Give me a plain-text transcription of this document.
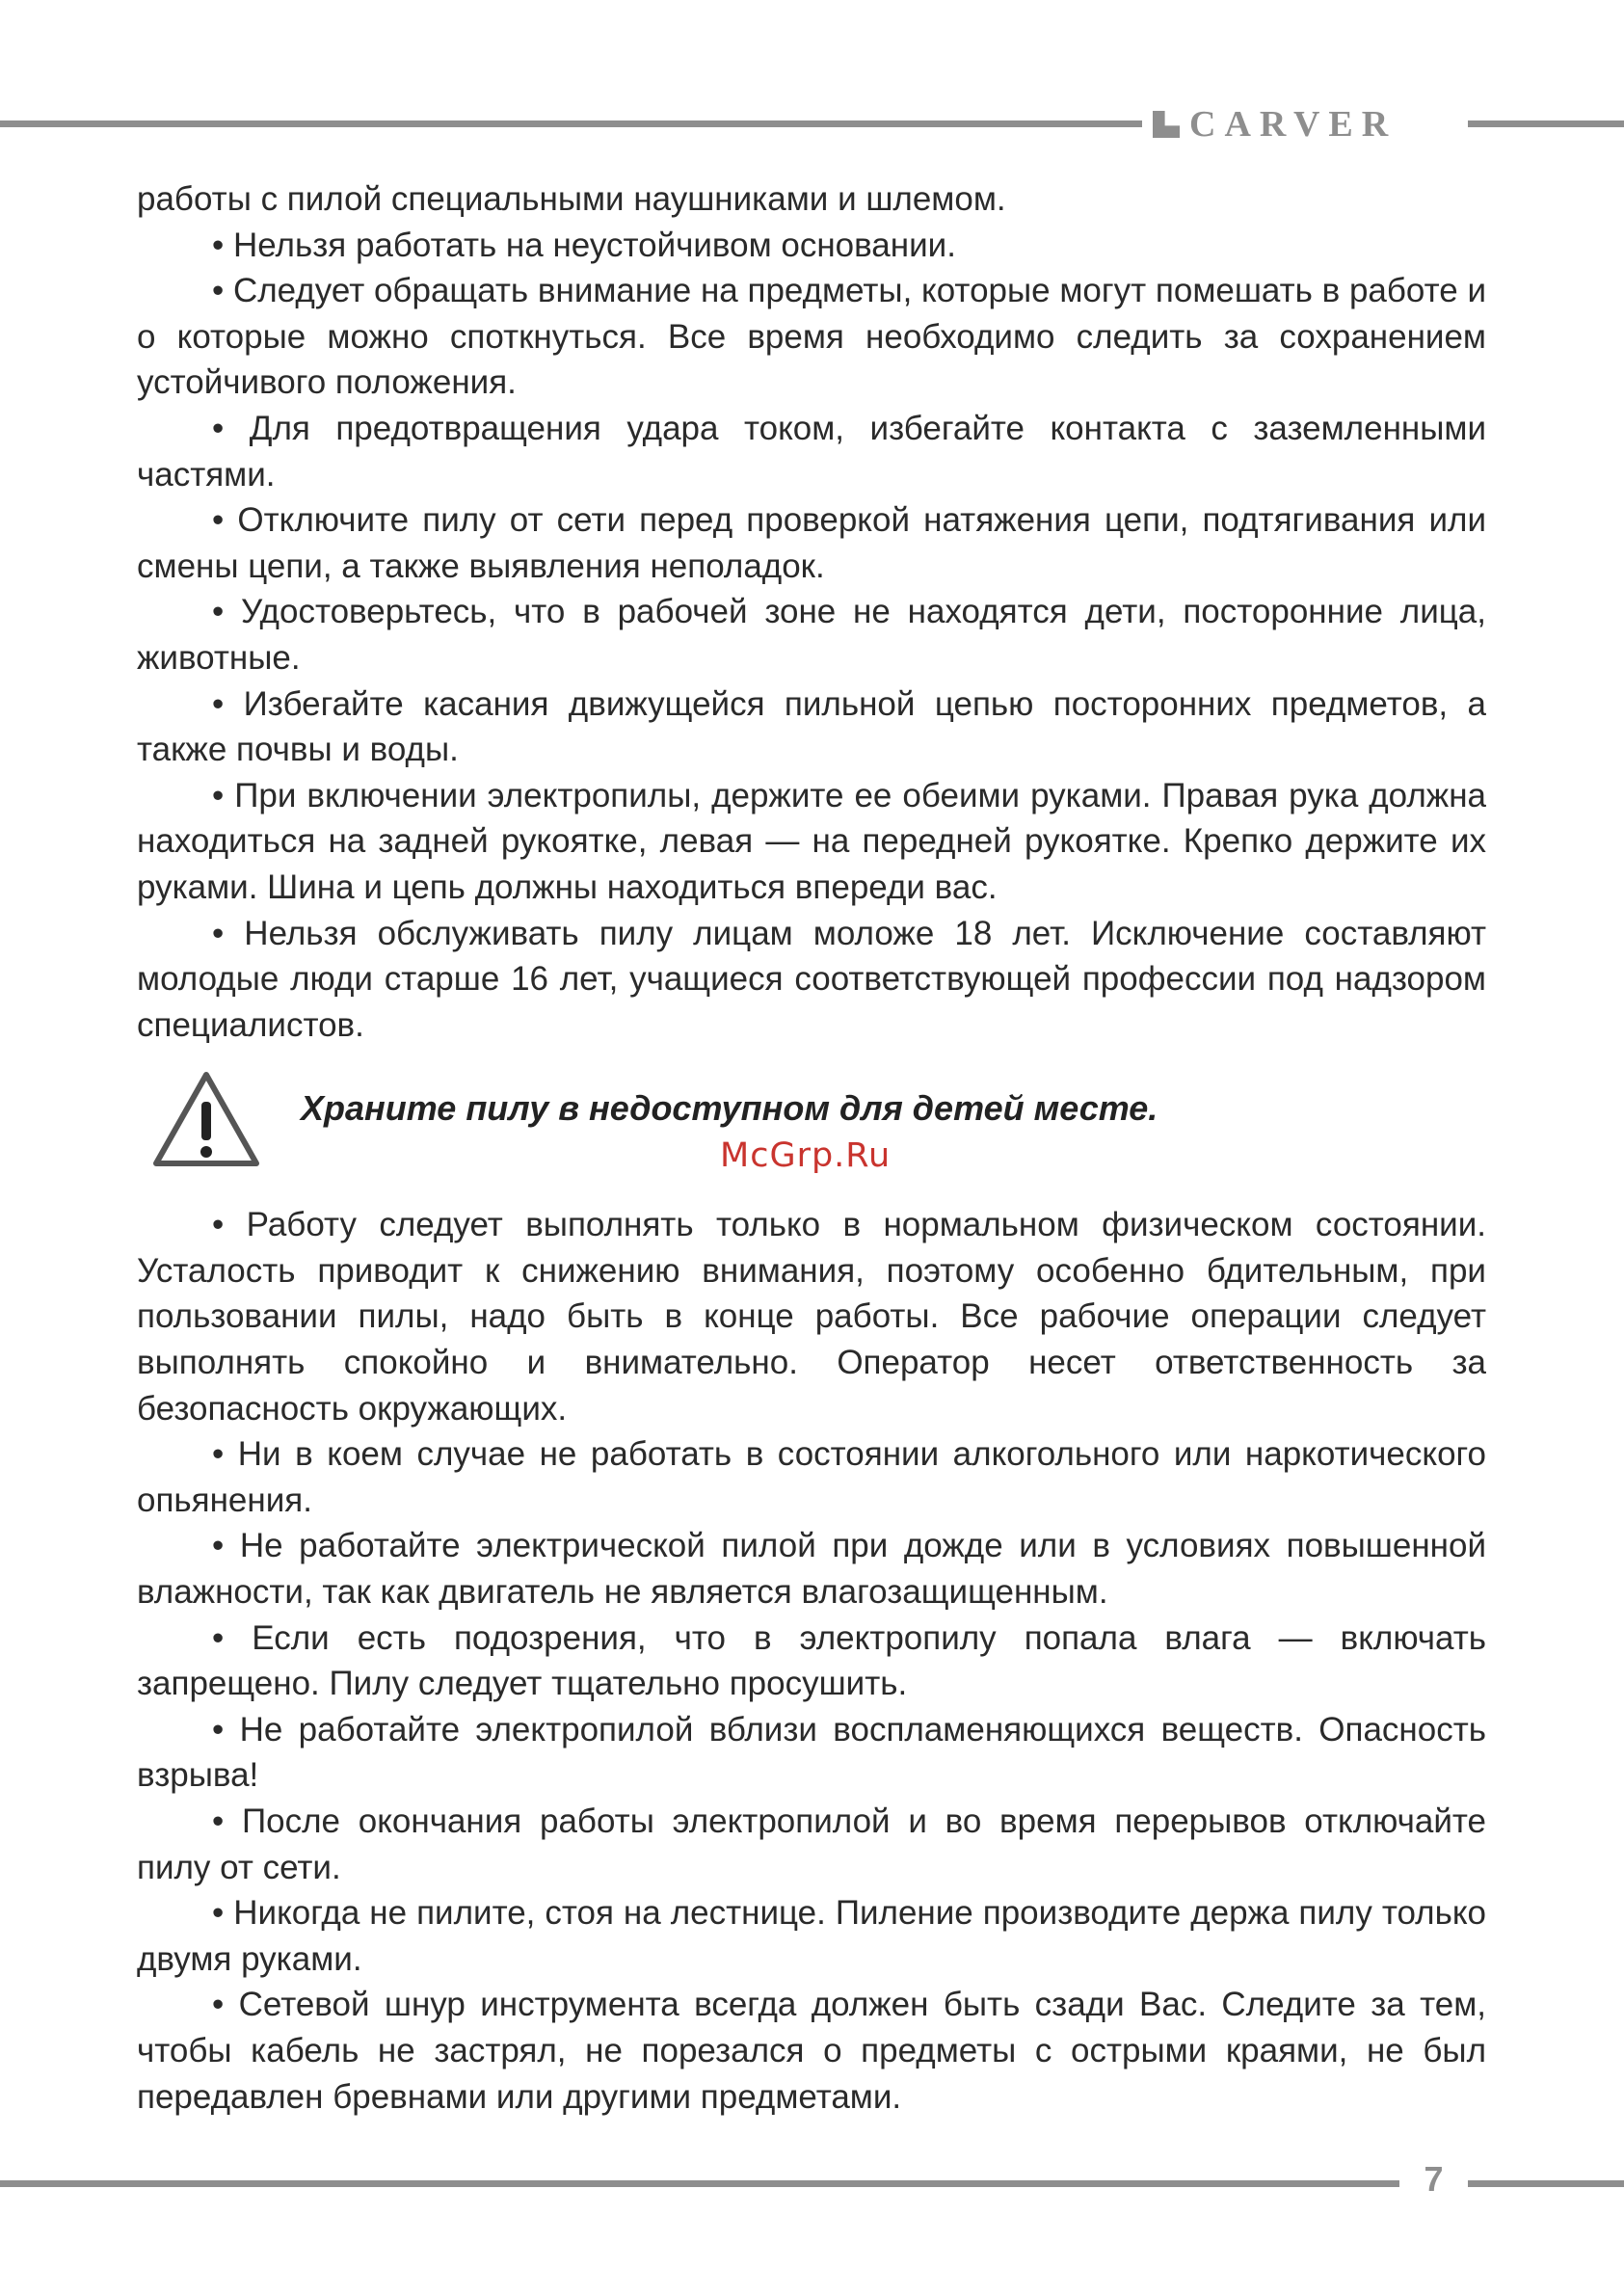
CARVER

работы с пилой специальными наушниками и шлемом.

• Нельзя работать на неустойчивом основании.

• Следует обращать внимание на предметы, которые могут помешать в работе и о которые можно споткнуться. Все время необходимо следить за сохранением устойчивого положения.

• Для предотвращения удара током, избегайте контакта с заземленными частями.

• Отключите пилу от сети перед проверкой натяжения цепи, подтягивания или смены цепи, а также выявления неполадок.

• Удостоверьтесь, что в рабочей зоне не находятся дети, посторонние лица, животные.

• Избегайте касания движущейся пильной цепью посторонних предметов, а также почвы и воды.

• При включении электропилы, держите ее обеими руками. Правая рука должна находиться на задней рукоятке, левая — на передней рукоятке. Крепко держите их руками. Шина и цепь должны находиться впереди вас.

• Нельзя обслуживать пилу лицам моложе 18 лет. Исключение составляют молодые люди старше 16 лет, учащиеся соответствующей профессии под надзором специалистов.

Храните пилу в недоступном для детей месте.
McGrp.Ru

• Работу следует выполнять только в нормальном физическом состоянии. Усталость приводит к снижению внимания, поэтому особенно бдительным, при пользовании пилы, надо быть в конце работы. Все рабочие операции следует выполнять спокойно и внимательно. Оператор несет ответственность за безопасность окружающих.

• Ни в коем случае не работать в состоянии алкогольного или наркотического опьянения.

• Не работайте электрической пилой при дожде или в условиях повышенной влажности, так как двигатель не является влагозащищенным.

• Если есть подозрения, что в электропилу попала влага — включать запрещено. Пилу следует тщательно просушить.

• Не работайте электропилой вблизи воспламеняющихся веществ. Опасность взрыва!

• После окончания работы электропилой и во время перерывов отключайте пилу от сети.

• Никогда не пилите, стоя на лестнице. Пиление производите держа пилу только двумя руками.

• Сетевой шнур инструмента всегда должен быть сзади Вас. Следите за тем, чтобы кабель не застрял, не порезался о предметы с острыми краями, не был передавлен бревнами или другими предметами.

7
